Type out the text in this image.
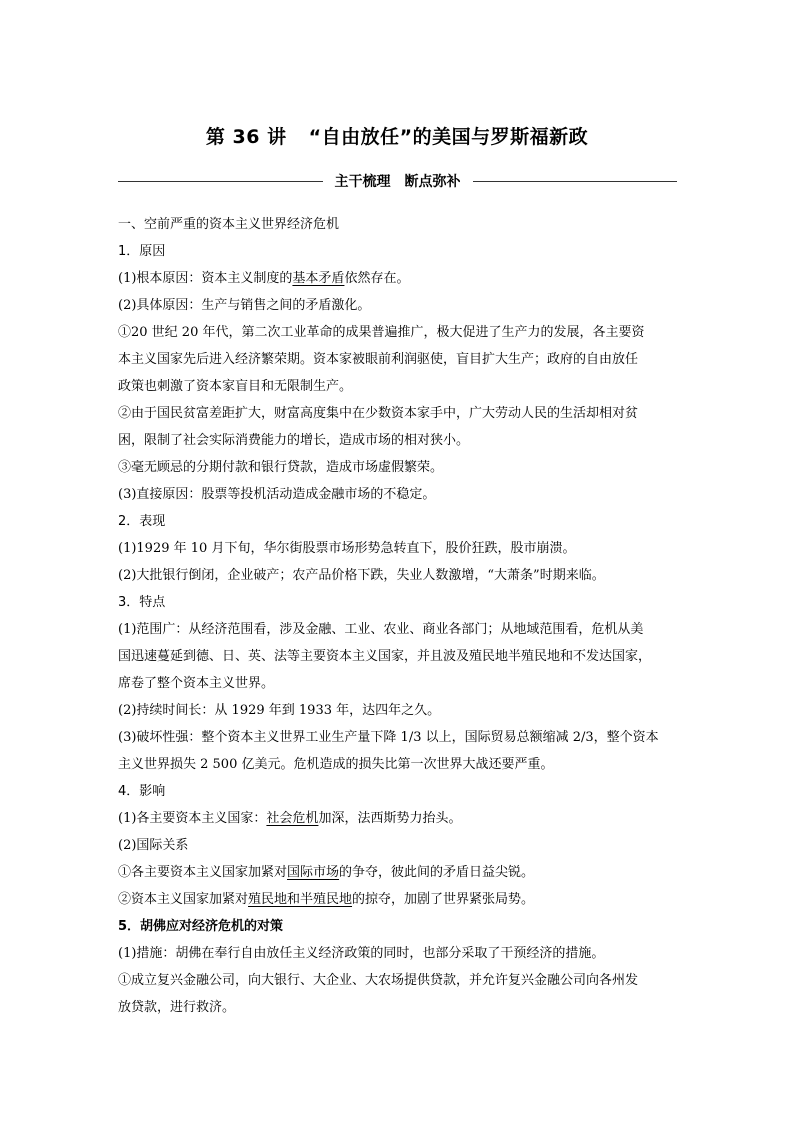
第 36 讲 “自由放任”的美国与罗斯福新政
主干梳理 断点弥补
一、空前严重的资本主义世界经济危机
1．原因
(1)根本原因：资本主义制度的基本矛盾依然存在。
(2)具体原因：生产与销售之间的矛盾激化。
①20 世纪 20 年代，第二次工业革命的成果普遍推广，极大促进了生产力的发展，各主要资
本主义国家先后进入经济繁荣期。资本家被眼前利润驱使，盲目扩大生产；政府的自由放任
政策也刺激了资本家盲目和无限制生产。
②由于国民贫富差距扩大，财富高度集中在少数资本家手中，广大劳动人民的生活却相对贫
困，限制了社会实际消费能力的增长，造成市场的相对狭小。
③毫无顾忌的分期付款和银行贷款，造成市场虚假繁荣。
(3)直接原因：股票等投机活动造成金融市场的不稳定。
2．表现
(1)1929 年 10 月下旬，华尔街股票市场形势急转直下，股价狂跌，股市崩溃。
(2)大批银行倒闭，企业破产；农产品价格下跌，失业人数激增，“大萧条”时期来临。
3．特点
(1)范围广：从经济范围看，涉及金融、工业、农业、商业各部门；从地域范围看，危机从美
国迅速蔓延到德、日、英、法等主要资本主义国家，并且波及殖民地半殖民地和不发达国家，
席卷了整个资本主义世界。
(2)持续时间长：从 1929 年到 1933 年，达四年之久。
(3)破坏性强：整个资本主义世界工业生产量下降 1/3 以上，国际贸易总额缩减 2/3，整个资本
主义世界损失 2 500 亿美元。危机造成的损失比第一次世界大战还要严重。
4．影响
(1)各主要资本主义国家：社会危机加深，法西斯势力抬头。
(2)国际关系
①各主要资本主义国家加紧对国际市场的争夺，彼此间的矛盾日益尖锐。
②资本主义国家加紧对殖民地和半殖民地的掠夺，加剧了世界紧张局势。
5．胡佛应对经济危机的对策
(1)措施：胡佛在奉行自由放任主义经济政策的同时，也部分采取了干预经济的措施。
①成立复兴金融公司，向大银行、大企业、大农场提供贷款，并允许复兴金融公司向各州发
放贷款，进行救济。
